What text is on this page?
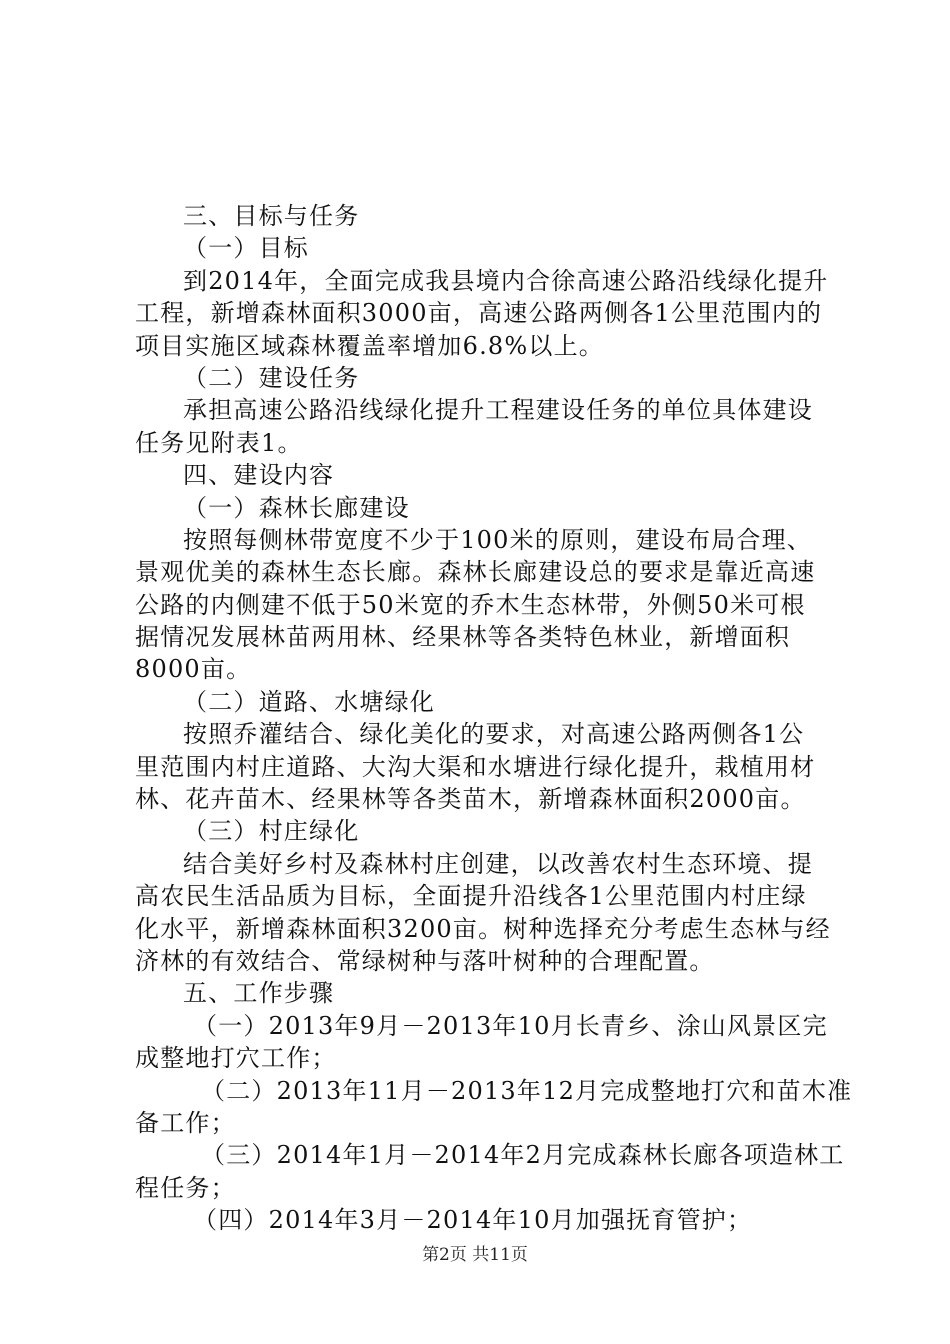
三、目标与任务
（一）目标
到2014年，全面完成我县境内合徐高速公路沿线绿化提升
工程，新增森林面积3000亩，高速公路两侧各1公里范围内的
项目实施区域森林覆盖率增加6.8%以上。
（二）建设任务
承担高速公路沿线绿化提升工程建设任务的单位具体建设
任务见附表1。
四、建设内容
（一）森林长廊建设
按照每侧林带宽度不少于100米的原则，建设布局合理、
景观优美的森林生态长廊。森林长廊建设总的要求是靠近高速
公路的内侧建不低于50米宽的乔木生态林带，外侧50米可根
据情况发展林苗两用林、经果林等各类特色林业，新增面积
8000亩。
（二）道路、水塘绿化
按照乔灌结合、绿化美化的要求，对高速公路两侧各1公
里范围内村庄道路、大沟大渠和水塘进行绿化提升，栽植用材
林、花卉苗木、经果林等各类苗木，新增森林面积2000亩。
（三）村庄绿化
结合美好乡村及森林村庄创建，以改善农村生态环境、提
高农民生活品质为目标，全面提升沿线各1公里范围内村庄绿
化水平，新增森林面积3200亩。树种选择充分考虑生态林与经
济林的有效结合、常绿树种与落叶树种的合理配置。
五、工作步骤
（一）2013年9月－2013年10月长青乡、涂山风景区完
成整地打穴工作；
（二）2013年11月－2013年12月完成整地打穴和苗木准
备工作；
（三）2014年1月－2014年2月完成森林长廊各项造林工
程任务；
（四）2014年3月－2014年10月加强抚育管护；
第2页 共11页
